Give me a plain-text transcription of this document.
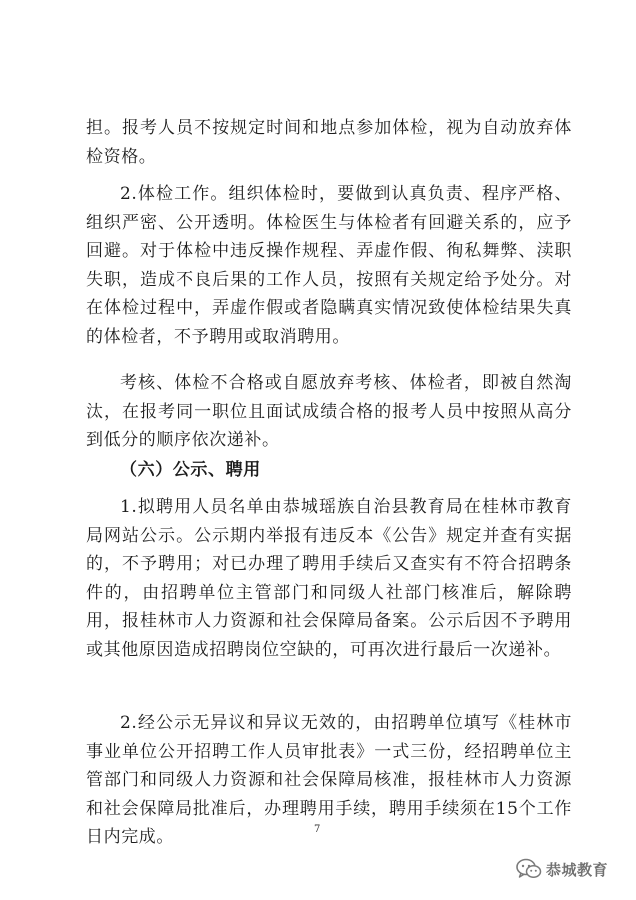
担。报考人员不按规定时间和地点参加体检，视为自动放弃体检资格。

2.体检工作。组织体检时，要做到认真负责、程序严格、组织严密、公开透明。体检医生与体检者有回避关系的，应予回避。对于体检中违反操作规程、弄虚作假、徇私舞弊、渎职失职，造成不良后果的工作人员，按照有关规定给予处分。对在体检过程中，弄虚作假或者隐瞒真实情况致使体检结果失真的体检者，不予聘用或取消聘用。

考核、体检不合格或自愿放弃考核、体检者，即被自然淘汰，在报考同一职位且面试成绩合格的报考人员中按照从高分到低分的顺序依次递补。

（六）公示、聘用

1.拟聘用人员名单由恭城瑶族自治县教育局在桂林市教育局网站公示。公示期内举报有违反本《公告》规定并查有实据的，不予聘用；对已办理了聘用手续后又查实有不符合招聘条件的，由招聘单位主管部门和同级人社部门核准后，解除聘用，报桂林市人力资源和社会保障局备案。公示后因不予聘用或其他原因造成招聘岗位空缺的，可再次进行最后一次递补。

2.经公示无异议和异议无效的，由招聘单位填写《桂林市事业单位公开招聘工作人员审批表》一式三份，经招聘单位主管部门和同级人力资源和社会保障局核准，报桂林市人力资源和社会保障局批准后，办理聘用手续，聘用手续须在15个工作日内完成。	7
恭城教育
